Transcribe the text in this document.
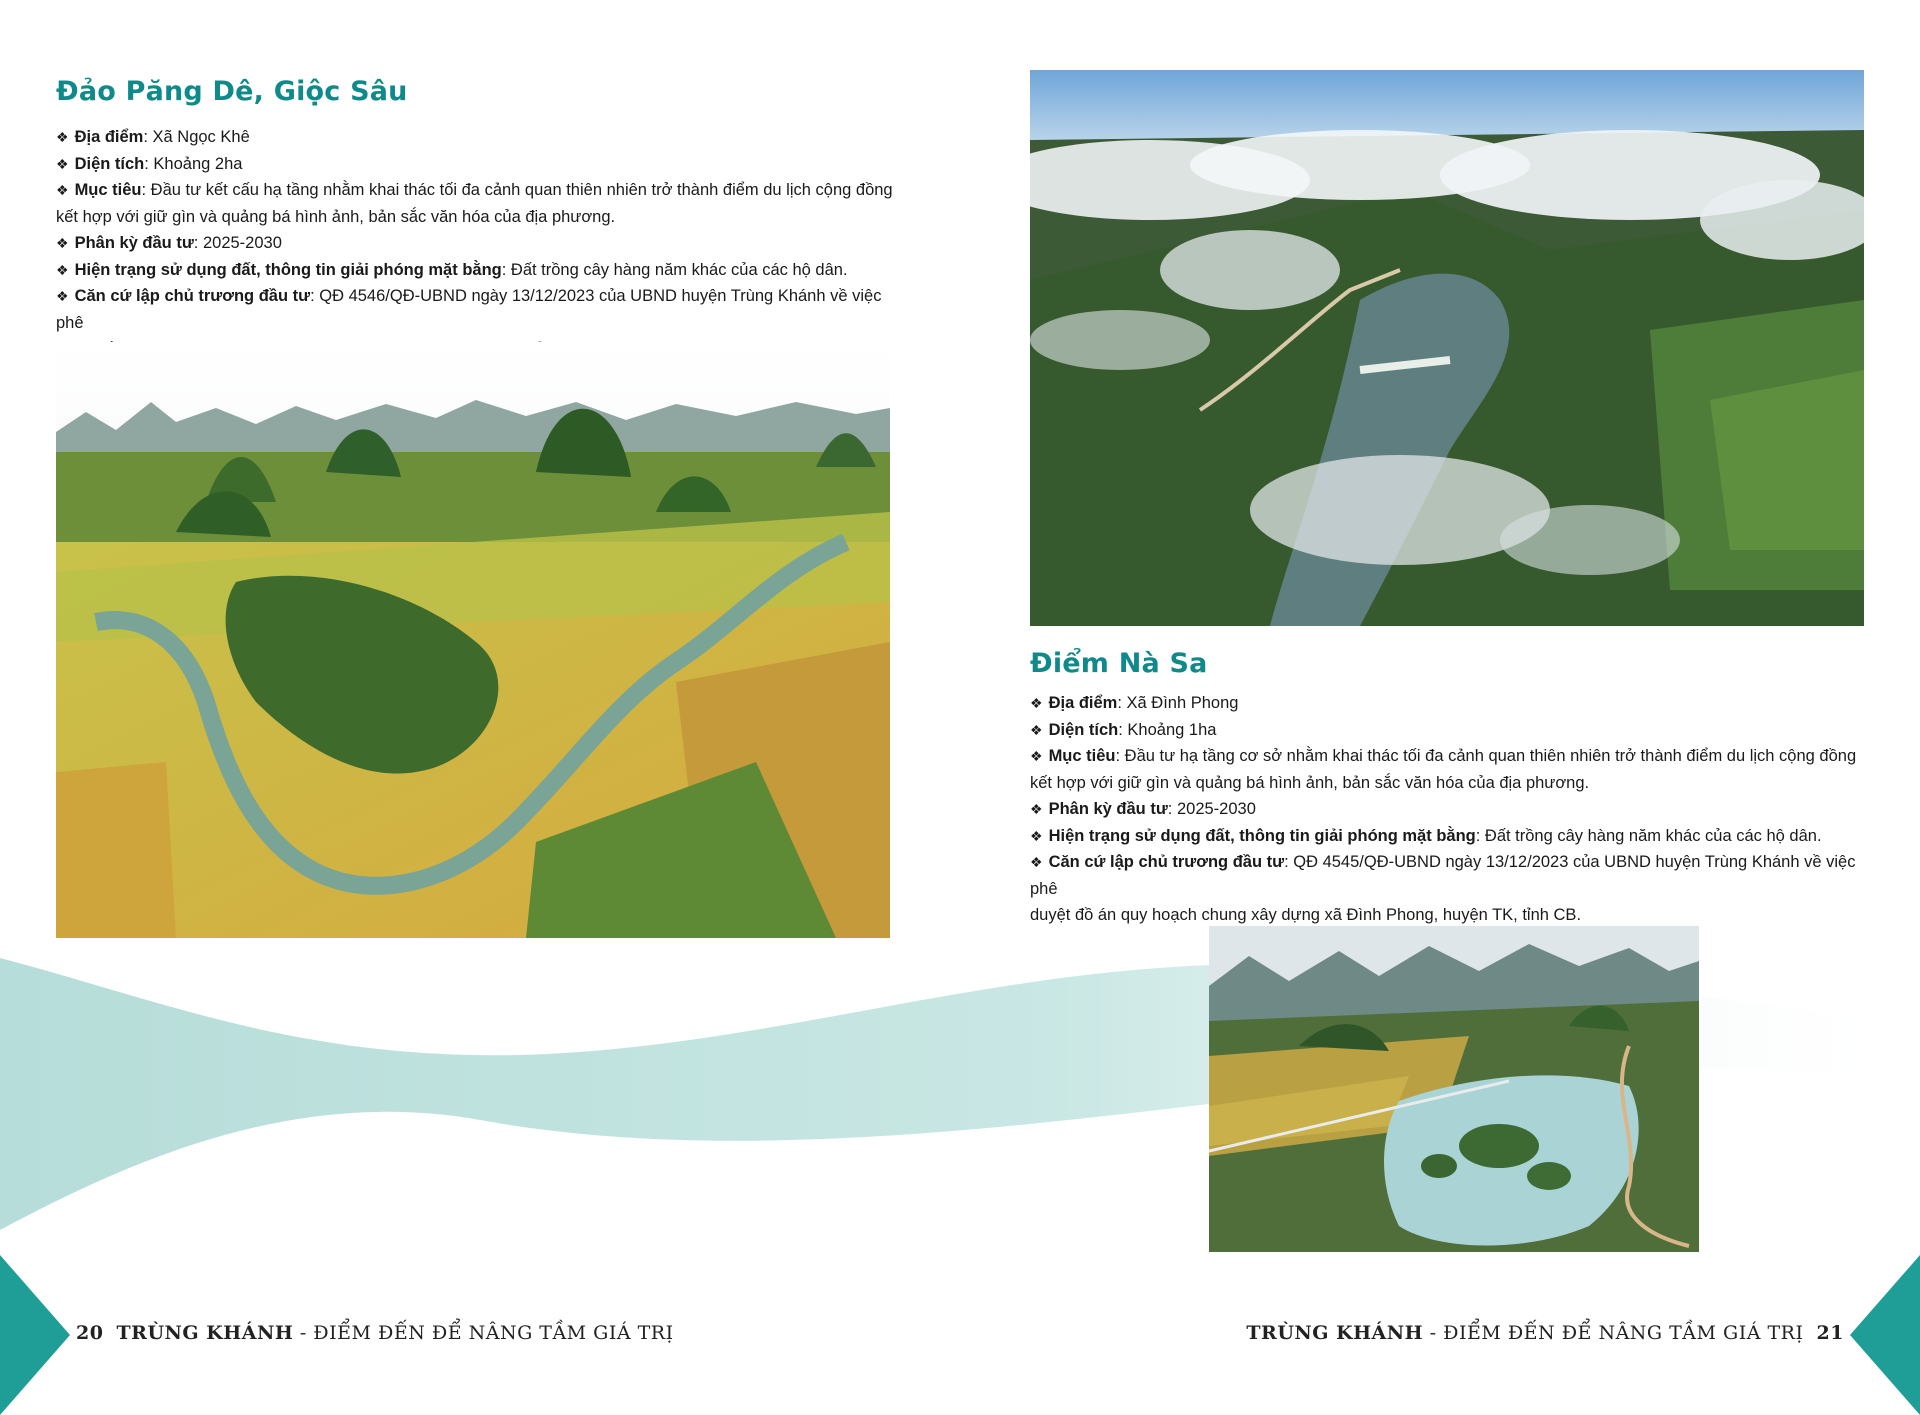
Đảo Păng Dê, Giộc Sâu
❖ Địa điểm: Xã Ngọc Khê
❖ Diện tích: Khoảng 2ha
❖ Mục tiêu: Đầu tư kết cấu hạ tầng nhằm khai thác tối đa cảnh quan thiên nhiên trở thành điểm du lịch cộng đồng
kết hợp với giữ gìn và quảng bá hình ảnh, bản sắc văn hóa của địa phương.
❖ Phân kỳ đầu tư: 2025-2030
❖ Hiện trạng sử dụng đất, thông tin giải phóng mặt bằng: Đất trồng cây hàng năm khác của các hộ dân.
❖ Căn cứ lập chủ trương đầu tư: QĐ 4546/QĐ-UBND ngày 13/12/2023 của UBND huyện Trùng Khánh về việc phê
Điểm Nà Sa
❖ Địa điểm: Xã Đình Phong
❖ Diện tích: Khoảng 1ha
❖ Mục tiêu: Đầu tư hạ tầng cơ sở nhằm khai thác tối đa cảnh quan thiên nhiên trở thành điểm du lịch cộng đồng
kết hợp với giữ gìn và quảng bá hình ảnh, bản sắc văn hóa của địa phương.
❖ Phân kỳ đầu tư: 2025-2030
❖ Hiện trạng sử dụng đất, thông tin giải phóng mặt bằng: Đất trồng cây hàng năm khác của các hộ dân.
❖ Căn cứ lập chủ trương đầu tư: QĐ 4545/QĐ-UBND ngày 13/12/2023 của UBND huyện Trùng Khánh về việc phê
duyệt đồ án quy hoạch chung xây dựng xã Đình Phong, huyện TK, tỉnh CB.
20 TRÙNG KHÁNH - ĐIỂM ĐẾN ĐỂ NÂNG TẦM GIÁ TRỊ	TRÙNG KHÁNH - ĐIỂM ĐẾN ĐỂ NÂNG TẦM GIÁ TRỊ 21
